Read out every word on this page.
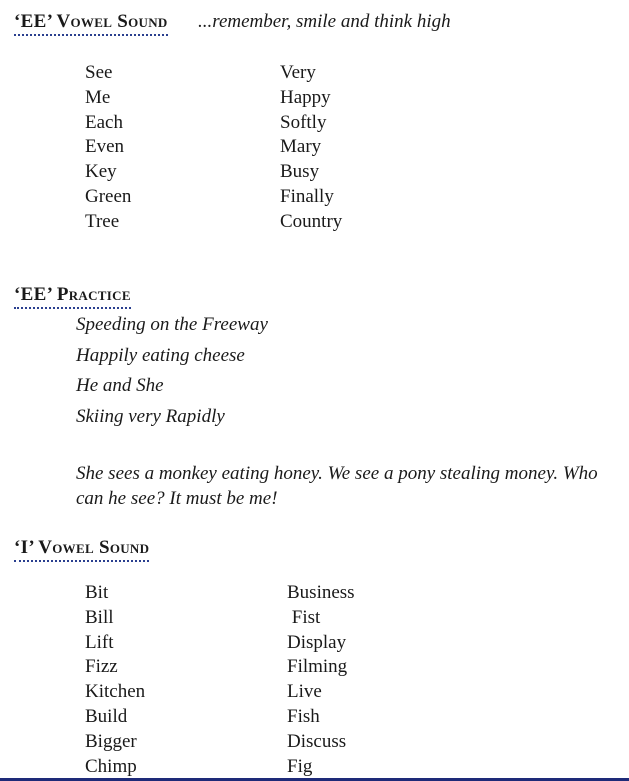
‘EE’ Vowel Sound ...remember, smile and think high
See
Me
Each
Even
Key
Green
Tree
Very
Happy
Softly
Mary
Busy
Finally
Country
‘EE’ Practice
Speeding on the Freeway
Happily eating cheese
He and She
Skiing very Rapidly

She sees a monkey eating honey. We see a pony stealing money. Who can he see? It must be me!

‘I’ Vowel Sound
Bit
Bill
Lift
Fizz
Kitchen
Build
Bigger
Chimp
Business
Fist
Display
Filming
Live
Fish
Discuss
Fig
